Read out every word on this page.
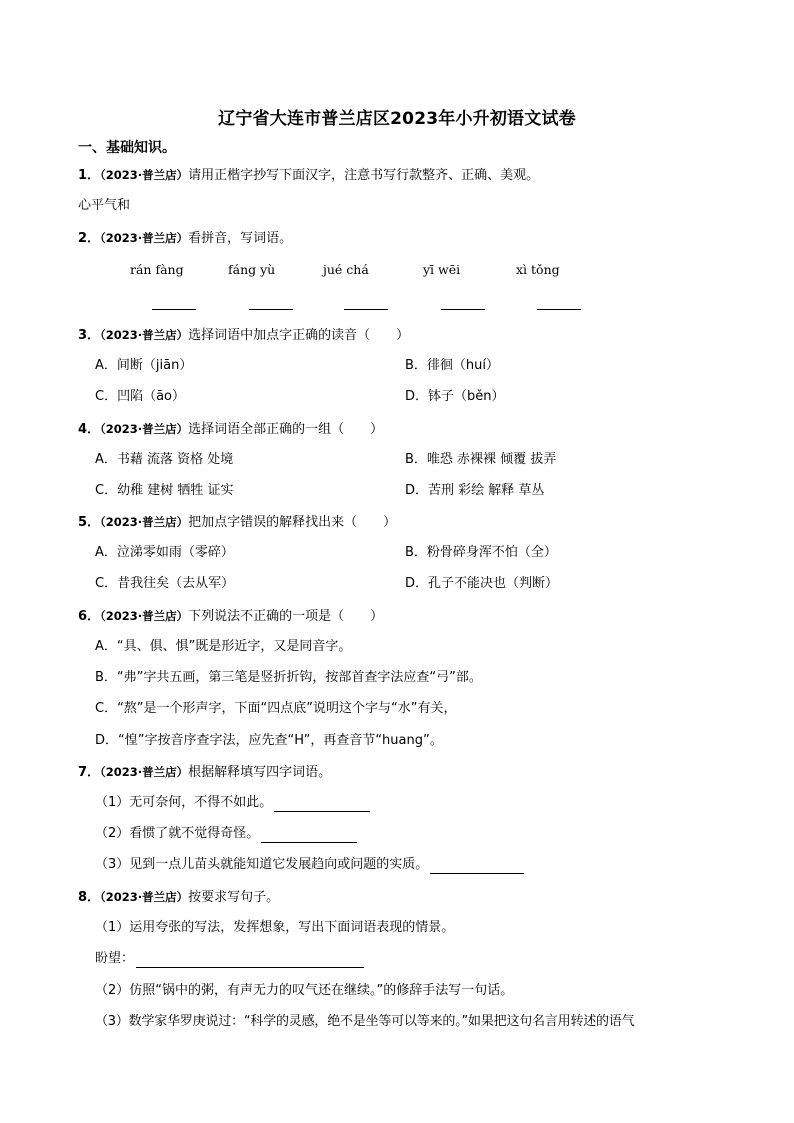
辽宁省大连市普兰店区2023年小升初语文试卷
一、基础知识。
1．（2023·普兰店）请用正楷字抄写下面汉字，注意书写行款整齐、正确、美观。
心平气和
2．（2023·普兰店）看拼音，写词语。
rán fàng	fáng yù	jué chá	yī wēi	xì tǒng
3．（2023·普兰店）选择词语中加点字正确的读音（　　）
A．间断（jiān）	B．徘徊（huí）
C．凹陷（āo）	D．钵子（běn）
4．（2023·普兰店）选择词语全部正确的一组（　　）
A．书藉 流落 资格 处境	B．唯恐 赤裸裸 倾覆 拔弄
C．幼稚 建树 牺牲 证实	D．苦刑 彩绘 解释 草丛
5．（2023·普兰店）把加点字错误的解释找出来（　　）
A．泣涕零如雨（零碎）	B．粉骨碎身浑不怕（全）
C．昔我往矣（去从军）	D．孔子不能决也（判断）
6．（2023·普兰店）下列说法不正确的一项是（　　）
A．“具、俱、惧”既是形近字，又是同音字。
B．“弗”字共五画，第三笔是竖折折钩，按部首查字法应查“弓”部。
C．“熬”是一个形声字，下面“四点底”说明这个字与“水”有关，
D．“惶”字按音序查字法，应先查“H”，再查音节“huang”。
7．（2023·普兰店）根据解释填写四字词语。
（1）无可奈何，不得不如此。
（2）看惯了就不觉得奇怪。
（3）见到一点儿苗头就能知道它发展趋向或问题的实质。
8．（2023·普兰店）按要求写句子。
（1）运用夸张的写法，发挥想象，写出下面词语表现的情景。
盼望：
（2）仿照“锅中的粥，有声无力的叹气还在继续。”的修辞手法写一句话。
（3）数学家华罗庚说过：“科学的灵感，绝不是坐等可以等来的。”如果把这句名言用转述的语气
